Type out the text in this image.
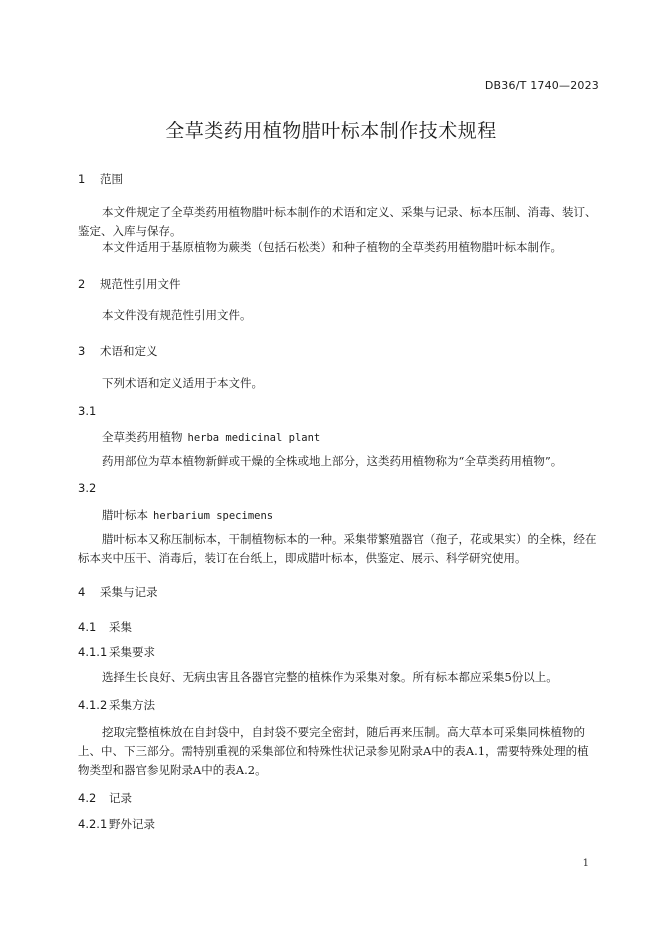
DB36/T 1740—2023
全草类药用植物腊叶标本制作技术规程
1 范围
本文件规定了全草类药用植物腊叶标本制作的术语和定义、采集与记录、标本压制、消毒、装订、鉴定、入库与保存。
本文件适用于基原植物为蕨类（包括石松类）和种子植物的全草类药用植物腊叶标本制作。
2 规范性引用文件
本文件没有规范性引用文件。
3 术语和定义
下列术语和定义适用于本文件。
3.1
全草类药用植物 herba medicinal plant
药用部位为草本植物新鲜或干燥的全株或地上部分，这类药用植物称为“全草类药用植物”。
3.2
腊叶标本 herbarium specimens
腊叶标本又称压制标本，干制植物标本的一种。采集带繁殖器官（孢子，花或果实）的全株，经在标本夹中压干、消毒后，装订在台纸上，即成腊叶标本，供鉴定、展示、科学研究使用。
4 采集与记录
4.1 采集
4.1.1 采集要求
选择生长良好、无病虫害且各器官完整的植株作为采集对象。所有标本都应采集5份以上。
4.1.2 采集方法
挖取完整植株放在自封袋中，自封袋不要完全密封，随后再来压制。高大草本可采集同株植物的上、中、下三部分。需特别重视的采集部位和特殊性状记录参见附录A中的表A.1，需要特殊处理的植物类型和器官参见附录A中的表A.2。
4.2 记录
4.2.1 野外记录
1
